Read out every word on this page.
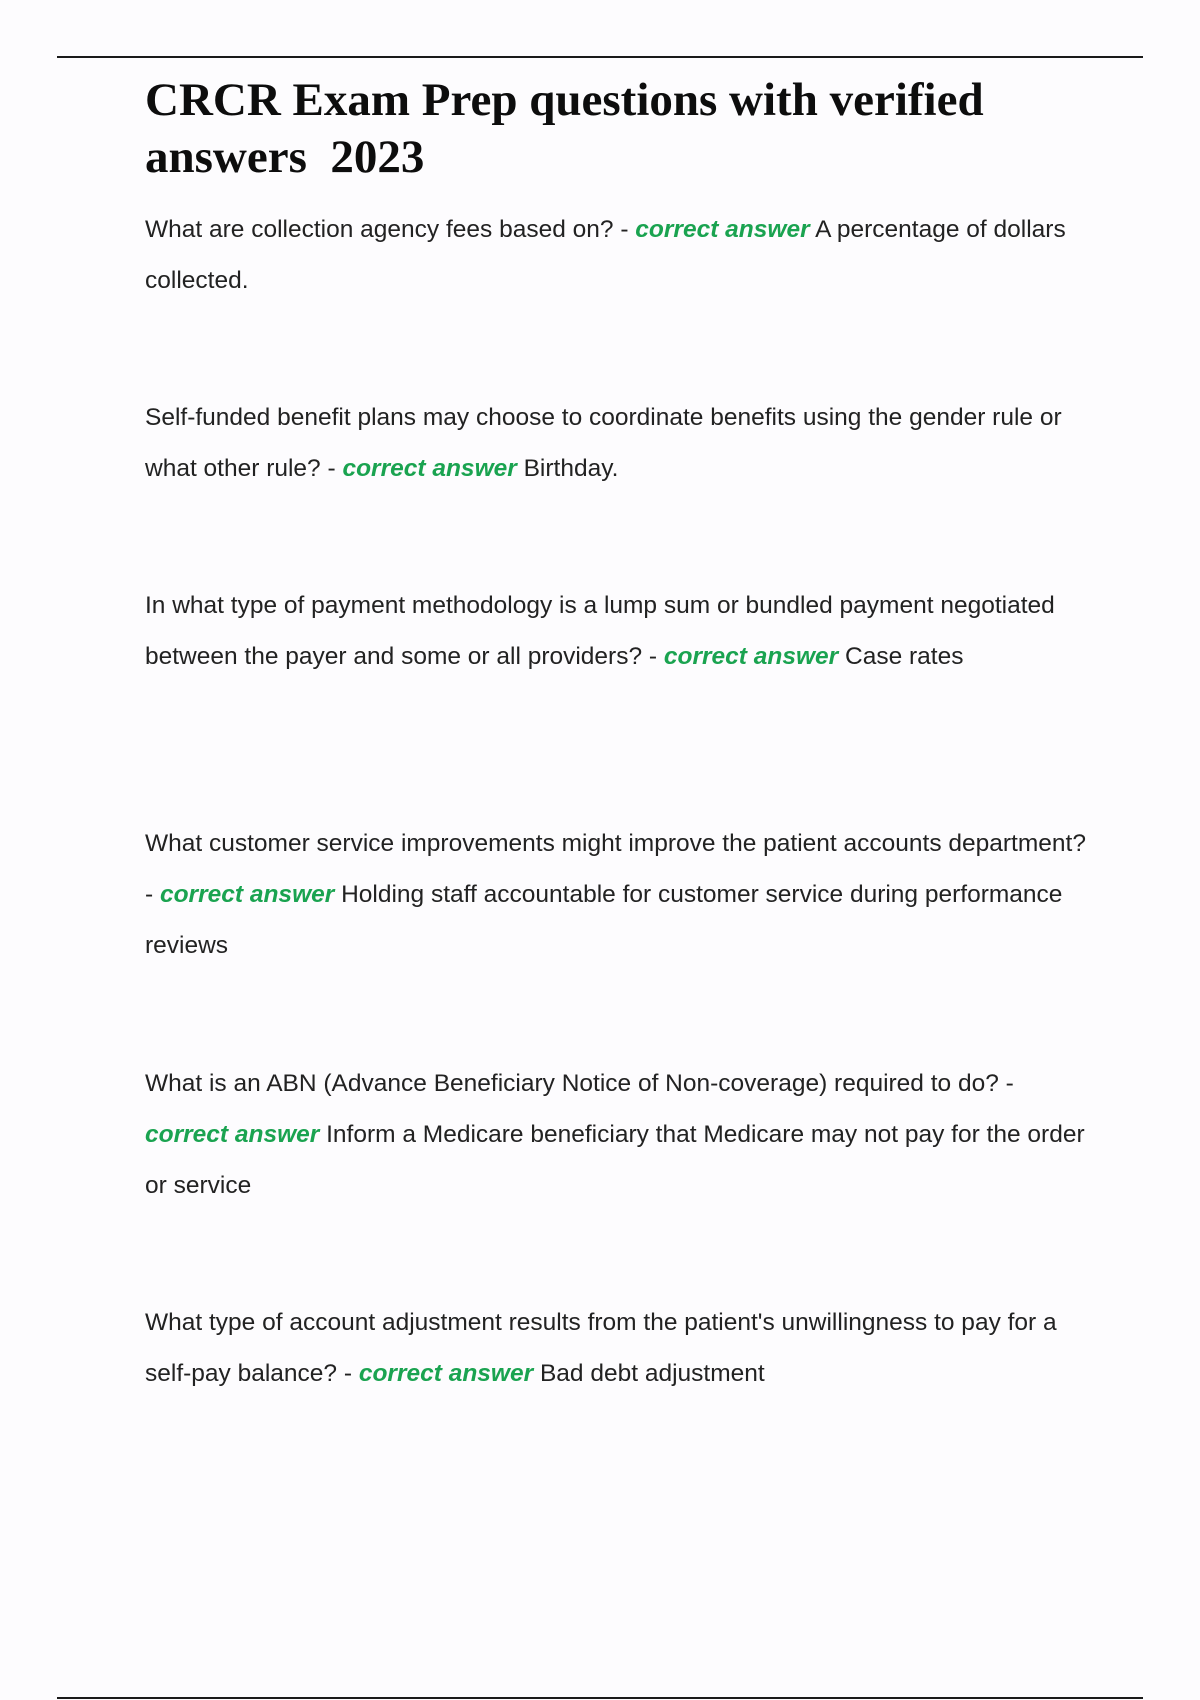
CRCR Exam Prep questions with verified answers  2023

What are collection agency fees based on? - correct answer A percentage of dollars collected.

Self-funded benefit plans may choose to coordinate benefits using the gender rule or what other rule? - correct answer Birthday.

In what type of payment methodology is a lump sum or bundled payment negotiated between the payer and some or all providers? - correct answer Case rates

What customer service improvements might improve the patient accounts department? - correct answer Holding staff accountable for customer service during performance reviews

What is an ABN (Advance Beneficiary Notice of Non-coverage) required to do? - correct answer Inform a Medicare beneficiary that Medicare may not pay for the order or service

What type of account adjustment results from the patient's unwillingness to pay for a self-pay balance? - correct answer Bad debt adjustment
